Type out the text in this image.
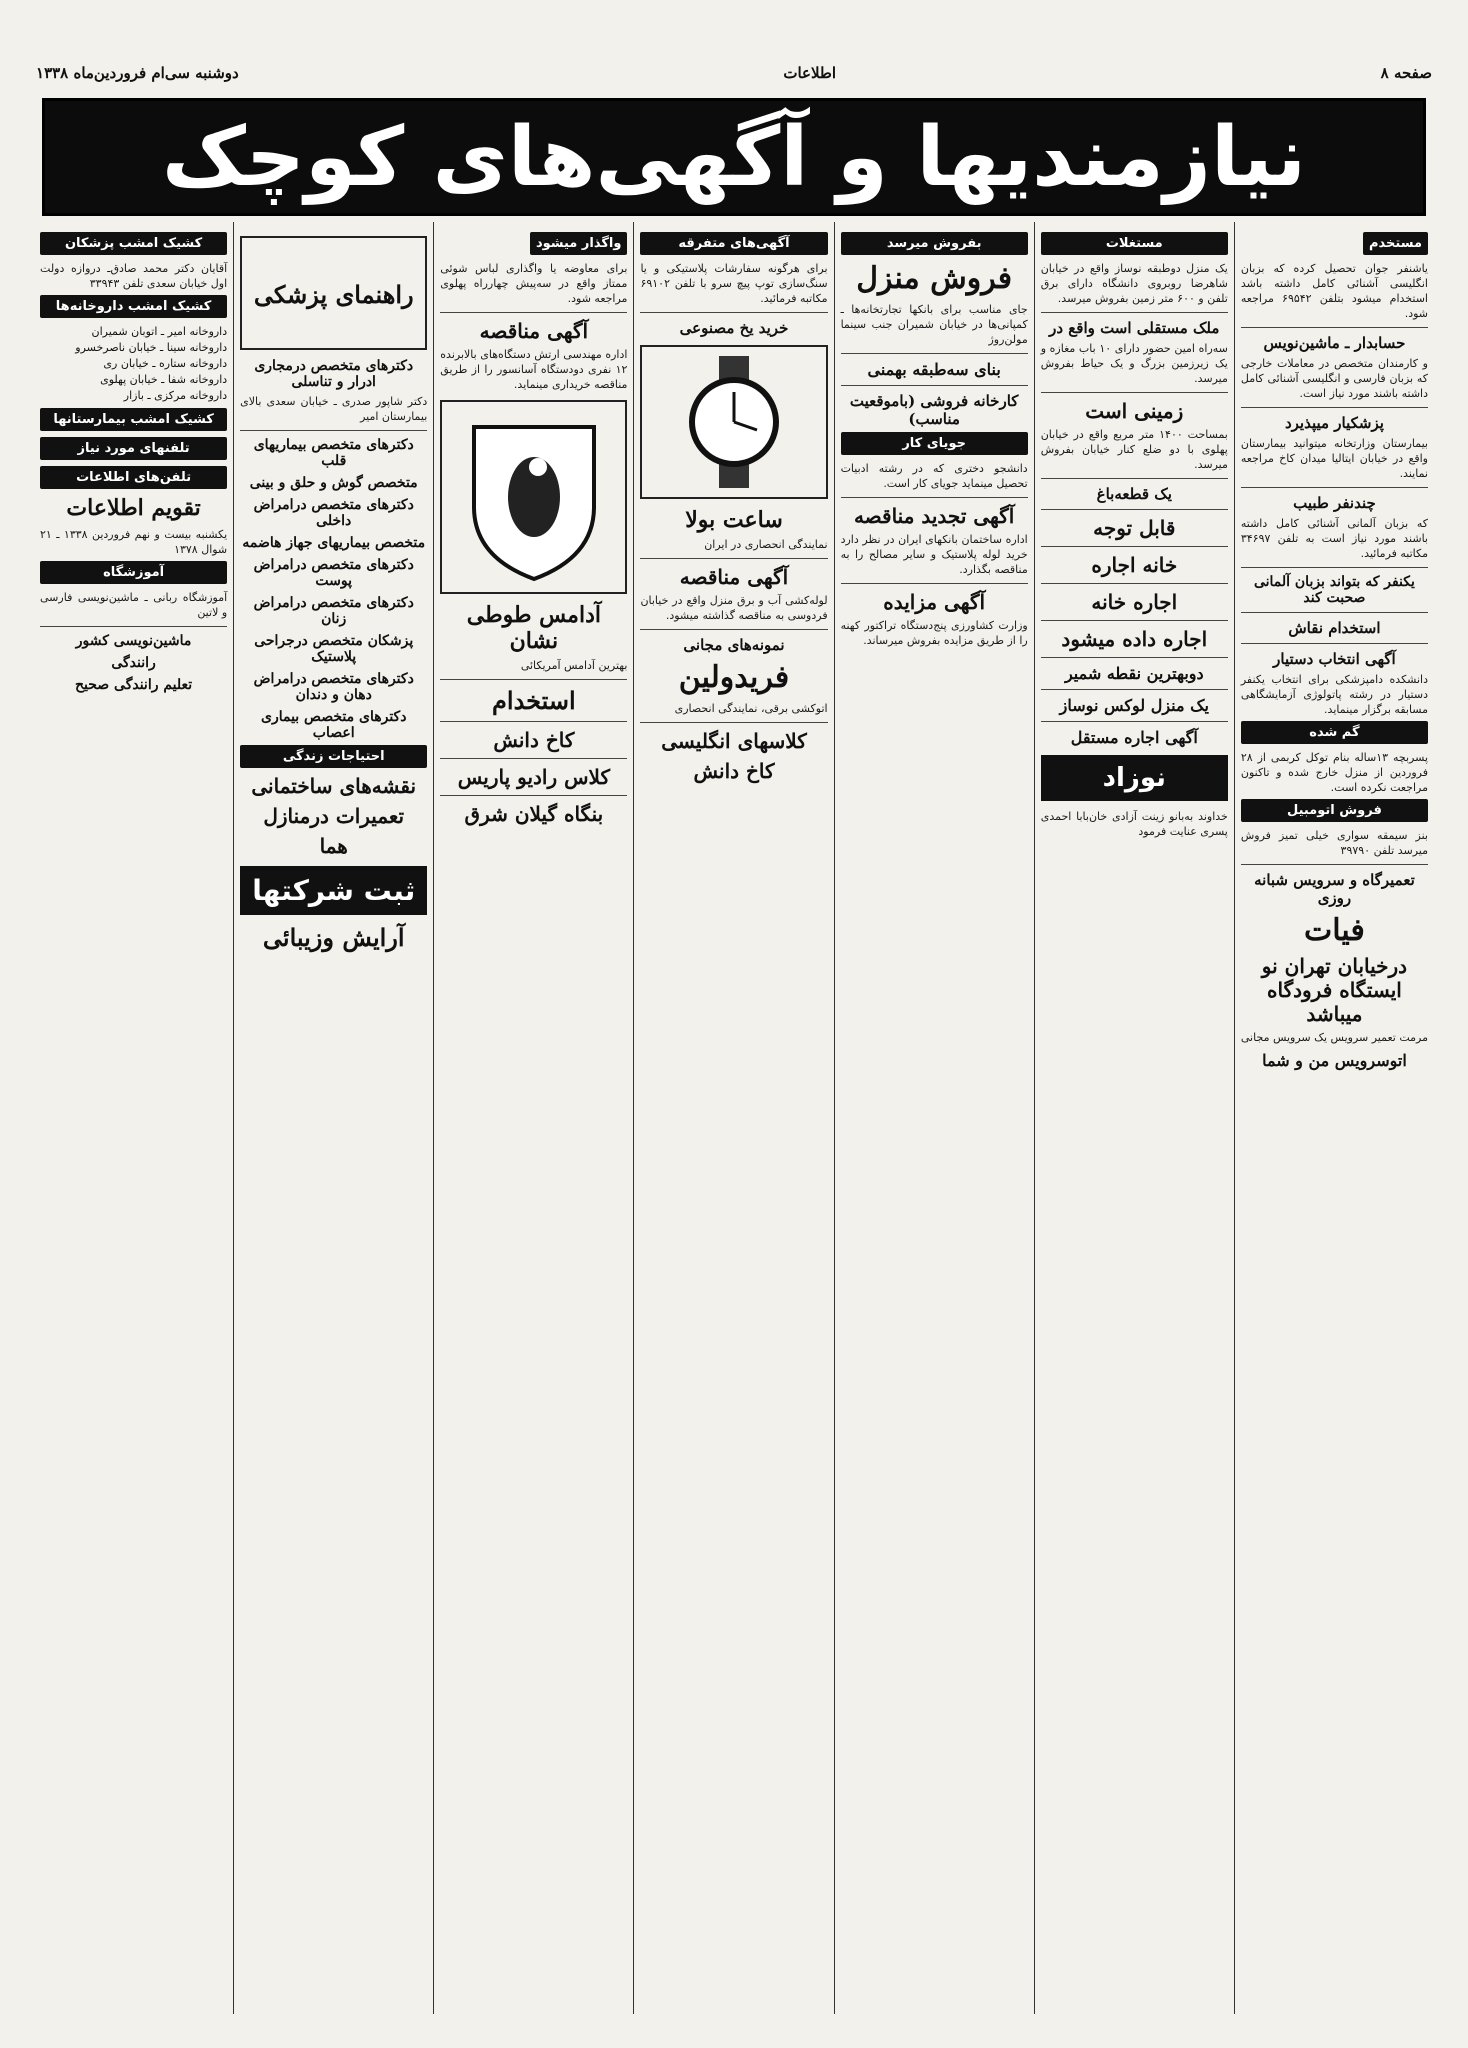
صفحه ۸
اطلاعات
دوشنبه سی‌ام فروردین‌ماه ۱۳۳۸
نیازمندیها و آگهی‌های کوچک
مستخدم
یاشنفر جوان تحصیل کرده که بزبان انگلیسی آشنائی کامل داشته باشد استخدام میشود بتلفن ۶۹۵۴۲ مراجعه شود.
حسابدار ـ ماشین‌نویس
و کارمندان متخصص در معاملات خارجی که بزبان فارسی و انگلیسی آشنائی کامل داشته باشند مورد نیاز است.
پزشکیار میپذیرد
بیمارستان وزارتخانه میتوانید بیمارستان واقع در خیابان ایتالیا میدان کاخ مراجعه نمایند.
چندنفر طبیب
که بزبان آلمانی آشنائی کامل داشته باشند مورد نیاز است به تلفن ۳۴۶۹۷ مکاتبه فرمائید.
یکنفر که بتواند بزبان آلمانی صحبت کند
استخدام نقاش
آگهی انتخاب دستیار
دانشکده دامپزشکی برای انتخاب یکنفر دستیار در رشته پاتولوژی آزمایشگاهی مسابقه برگزار مینماید.
گم شده
پسربچه ۱۳ساله بنام توکل کربمی از ۲۸ فروردین از منزل خارج شده و تاکنون مراجعت نکرده است.
فروش اتومبیل
بنز سیمقه سواری خیلی تمیز فروش میرسد تلفن ۳۹۷۹۰
تعمیرگاه و سرویس شبانه روزی
فیات
درخیابان تهران نو ایستگاه فرودگاه میباشد
مرمت تعمیر سرویس یک سرویس مجانی
اتوسرویس من و شما
مستغلات
یک منزل دوطبقه نوساز واقع در خیابان شاهرضا روبروی دانشگاه دارای برق تلفن و ۶۰۰ متر زمین بفروش میرسد.
ملک مستقلی است واقع در
سه‌راه امین حضور دارای ۱۰ باب مغازه و یک زیرزمین بزرگ و یک حیاط بفروش میرسد.
زمینی است
بمساحت ۱۴۰۰ متر مربع واقع در خیابان پهلوی با دو ضلع کنار خیابان بفروش میرسد.
یک قطعه‌باغ
قابل توجه
خانه اجاره
اجاره خانه
اجاره داده میشود
دوبهترین نقطه شمیر
یک منزل لوکس نوساز
آگهی اجاره مستقل
نوزاد
خداوند به‌بانو زینت آزادی خان‌بابا احمدی پسری عنایت فرمود
بفروش میرسد
فروش منزل
جای مناسب برای بانکها تجارتخانه‌ها ـ کمپانی‌ها در خیابان شمیران جنب سینما مولن‌روژ
بنای سه‌طبقه بهمنی
کارخانه فروشی (باموقعیت مناسب)
جویای کار
دانشجو دختری که در رشته ادبیات تحصیل مینماید جویای کار است.
آگهی تجدید مناقصه
اداره ساختمان بانکهای ایران در نظر دارد خرید لوله پلاستیک و سایر مصالح را به مناقصه بگذارد.
آگهی مزایده
وزارت کشاورزی پنج‌دستگاه تراکتور کهنه را از طریق مزایده بفروش میرساند.
آگهی‌های متفرقه
برای هرگونه سفارشات پلاستیکی و یا سنگ‌سازی توپ پیچ سرو با تلفن ۶۹۱۰۲ مکاتبه فرمائید.
خرید یخ مصنوعی
ساعت بولا
نمایندگی انحصاری در ایران
آگهی مناقصه
لوله‌کشی آب و برق منزل واقع در خیابان فردوسی به مناقصه گذاشته میشود.
نمونه‌های مجانی
فریدولین
اتوکشی برقی، نمایندگی انحصاری
کلاسهای انگلیسی
کاخ دانش
واگذار میشود
برای معاوضه یا واگذاری لباس شوئی ممتاز واقع در سه‌پیش چهارراه پهلوی مراجعه شود.
آگهی مناقصه
اداره مهندسی ارتش دستگاه‌های بالابرنده ۱۲ نفری دودستگاه آسانسور را از طریق مناقصه خریداری مینماید.
آدامس طوطی نشان
بهترین آدامس آمریکائی
استخدام
کاخ دانش
کلاس رادیو پاریس
بنگاه گیلان شرق
راهنمای پزشکی
دکترهای متخصص درمجاری ادرار و تناسلی
دکتر شاپور صدری ـ خیابان سعدی بالای بیمارستان امیر
دکترهای متخصص بیماریهای قلب
متخصص گوش و حلق و بینی
دکترهای متخصص درامراض داخلی
متخصص بیماریهای جهاز هاضمه
دکترهای متخصص درامراض پوست
دکترهای متخصص درامراض زنان
پزشکان متخصص درجراحی پلاستیک
دکترهای متخصص درامراض دهان و دندان
دکترهای متخصص بیماری اعصاب
احتیاجات زندگی
نقشه‌های ساختمانی
تعمیرات درمنازل
هما
ثبت شرکتها
آرایش وزیبائی
کشیک امشب پزشکان
آقایان دکتر محمد صادق‌ـ دروازه دولت اول خیابان سعدی تلفن ۳۳۹۴۳
کشیک امشب داروخانه‌ها
داروخانه امیر ـ اتوبان شمیران
داروخانه سینا ـ خیابان ناصرخسرو
داروخانه ستاره ـ خیابان ری
داروخانه شفا ـ خیابان پهلوی
داروخانه مرکزی ـ بازار
کشیک امشب بیمارستانها
تلفنهای مورد نیاز
تلفن‌های اطلاعات
تقویم اطلاعات
یکشنبه بیست و نهم فروردین ۱۳۳۸ ـ ۲۱ شوال ۱۳۷۸
آموزشگاه
آموزشگاه ربانی ـ ماشین‌نویسی فارسی و لاتین
ماشین‌نویسی کشور
رانندگی
تعلیم رانندگی صحیح
